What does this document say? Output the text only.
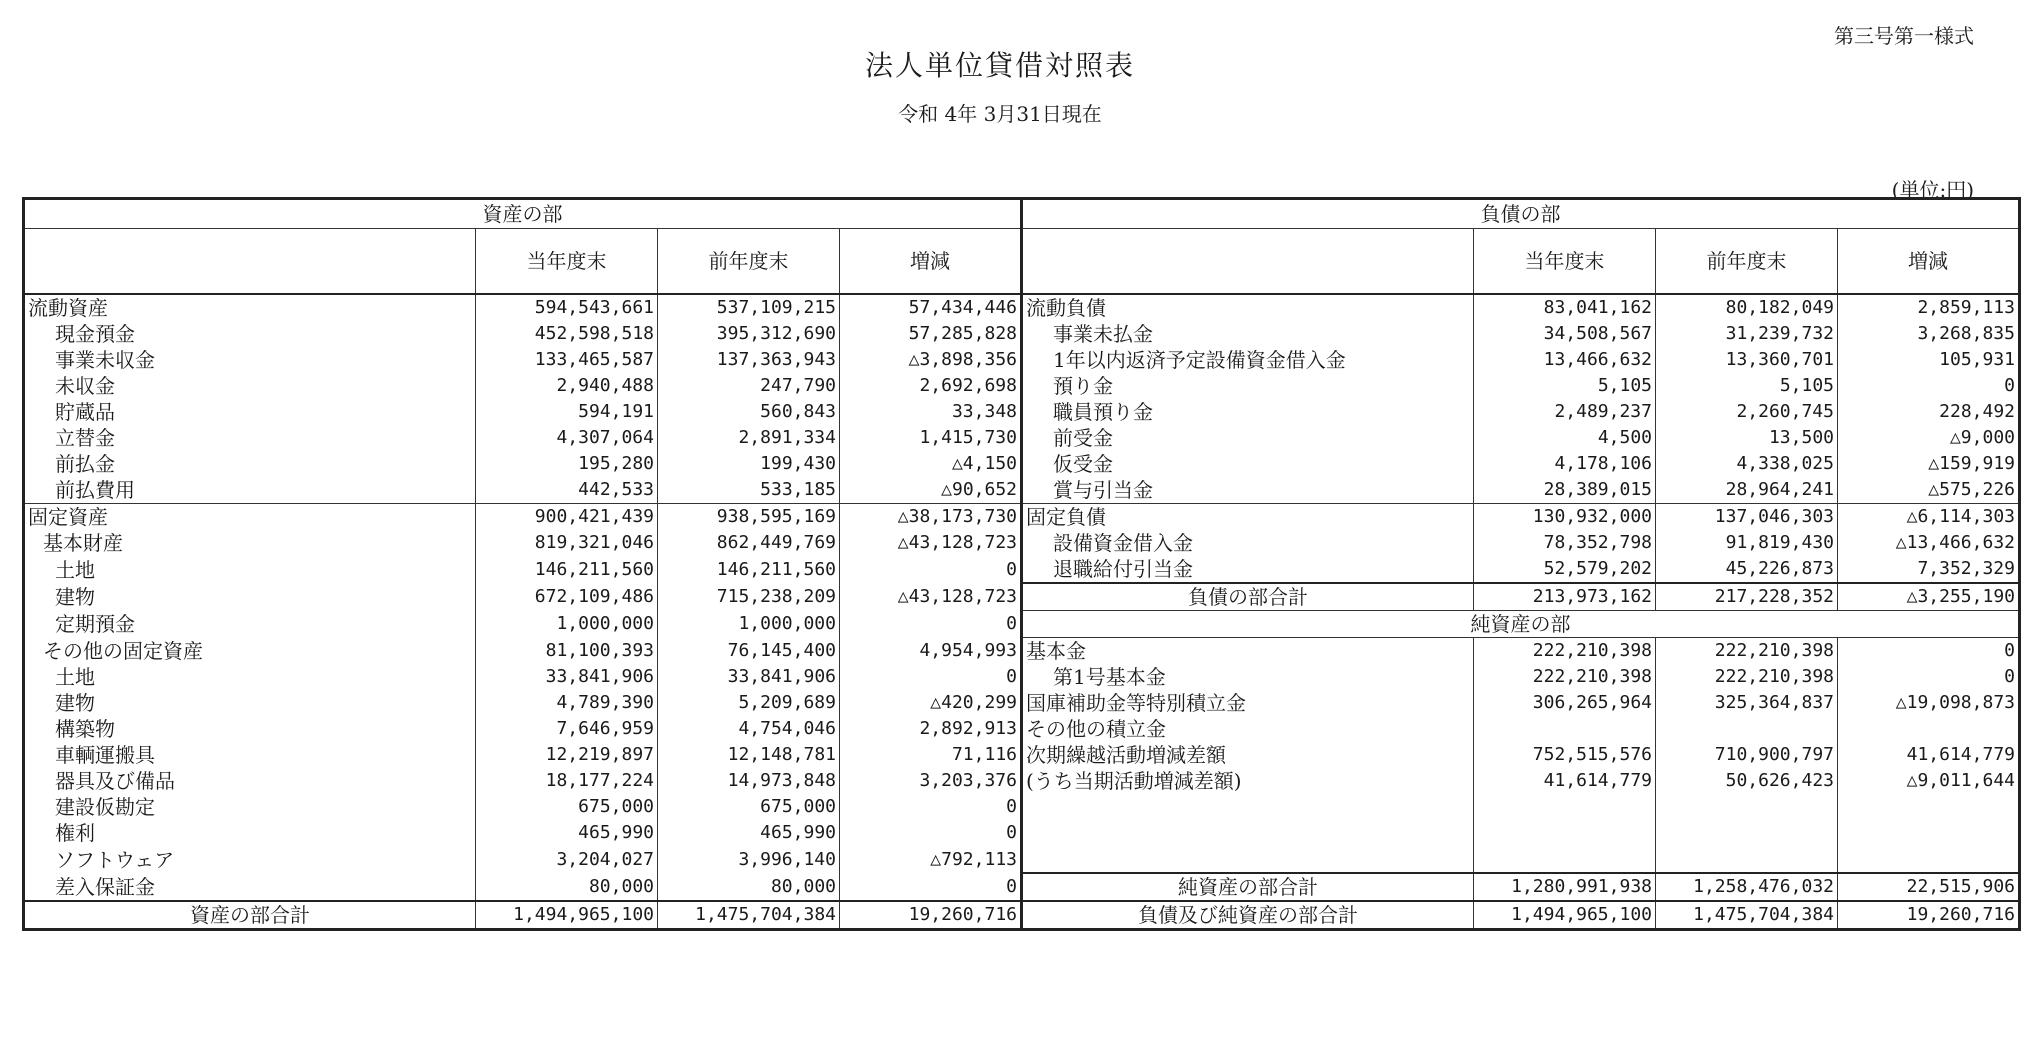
第三号第一様式
法人単位貸借対照表
令和 4年 3月31日現在
(単位:円)
資産の部				負債の部			
	当年度末	前年度末	増減		当年度末	前年度末	増減
流動資産	594,543,661	537,109,215	57,434,446	流動負債	83,041,162	80,182,049	2,859,113
現金預金	452,598,518	395,312,690	57,285,828	事業未払金	34,508,567	31,239,732	3,268,835
事業未収金	133,465,587	137,363,943	△3,898,356	1年以内返済予定設備資金借入金	13,466,632	13,360,701	105,931
未収金	2,940,488	247,790	2,692,698	預り金	5,105	5,105	0
貯蔵品	594,191	560,843	33,348	職員預り金	2,489,237	2,260,745	228,492
立替金	4,307,064	2,891,334	1,415,730	前受金	4,500	13,500	△9,000
前払金	195,280	199,430	△4,150	仮受金	4,178,106	4,338,025	△159,919
前払費用	442,533	533,185	△90,652	賞与引当金	28,389,015	28,964,241	△575,226
固定資産	900,421,439	938,595,169	△38,173,730	固定負債	130,932,000	137,046,303	△6,114,303
基本財産	819,321,046	862,449,769	△43,128,723	設備資金借入金	78,352,798	91,819,430	△13,466,632
土地	146,211,560	146,211,560	0	退職給付引当金	52,579,202	45,226,873	7,352,329
建物	672,109,486	715,238,209	△43,128,723	負債の部合計	213,973,162	217,228,352	△3,255,190
定期預金	1,000,000	1,000,000	0	純資産の部			
その他の固定資産	81,100,393	76,145,400	4,954,993	基本金	222,210,398	222,210,398	0
土地	33,841,906	33,841,906	0	第1号基本金	222,210,398	222,210,398	0
建物	4,789,390	5,209,689	△420,299	国庫補助金等特別積立金	306,265,964	325,364,837	△19,098,873
構築物	7,646,959	4,754,046	2,892,913	その他の積立金			
車輌運搬具	12,219,897	12,148,781	71,116	次期繰越活動増減差額	752,515,576	710,900,797	41,614,779
器具及び備品	18,177,224	14,973,848	3,203,376	(うち当期活動増減差額)	41,614,779	50,626,423	△9,011,644
建設仮勘定	675,000	675,000	0				
権利	465,990	465,990	0				
ソフトウェア	3,204,027	3,996,140	△792,113				
差入保証金	80,000	80,000	0	純資産の部合計	1,280,991,938	1,258,476,032	22,515,906
資産の部合計	1,494,965,100	1,475,704,384	19,260,716	負債及び純資産の部合計	1,494,965,100	1,475,704,384	19,260,716
